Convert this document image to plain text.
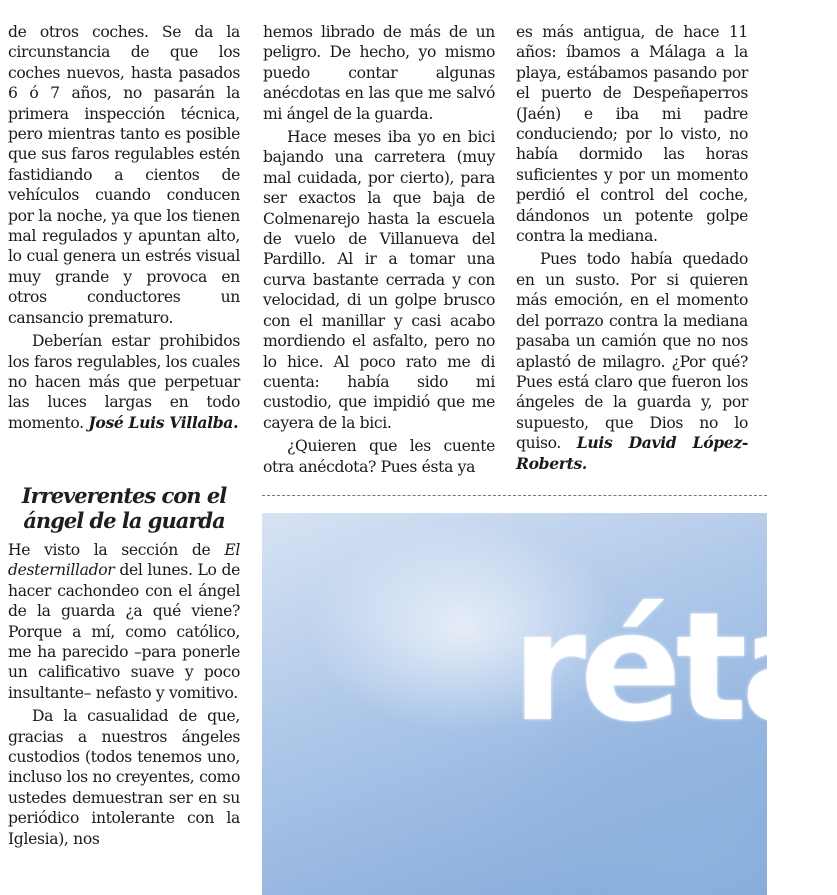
de otros coches. Se da la circunstancia de que los coches nuevos, hasta pasados 6 ó 7 años, no pasarán la primera inspección técnica, pero mientras tanto es posible que sus faros regulables estén fastidiando a cientos de vehículos cuando conducen por la noche, ya que los tienen mal regulados y apuntan alto, lo cual genera un estrés visual muy grande y provoca en otros conductores un cansancio prematuro.

Deberían estar prohibidos los faros regulables, los cuales no hacen más que perpetuar las luces largas en todo momento. José Luis Villalba.

Irreverentes con el ángel de la guarda

He visto la sección de El desternillador del lunes. Lo de hacer cachondeo con el ángel de la guarda ¿a qué viene? Porque a mí, como católico, me ha parecido –para ponerle un calificativo suave y poco insultante– nefasto y vomitivo.

Da la casualidad de que, gracias a nuestros ángeles custodios (todos tenemos uno, incluso los no creyentes, como ustedes demuestran ser en su periódico intolerante con la Iglesia), nos

hemos librado de más de un peligro. De hecho, yo mismo puedo contar algunas anécdotas en las que me salvó mi ángel de la guarda.

Hace meses iba yo en bici bajando una carretera (muy mal cuidada, por cierto), para ser exactos la que baja de Colmenarejo hasta la escuela de vuelo de Villanueva del Pardillo. Al ir a tomar una curva bastante cerrada y con velocidad, di un golpe brusco con el manillar y casi acabo mordiendo el asfalto, pero no lo hice. Al poco rato me di cuenta: había sido mi custodio, que impidió que me cayera de la bici.

¿Quieren que les cuente otra anécdota? Pues ésta ya

es más antigua, de hace 11 años: íbamos a Málaga a la playa, estábamos pasando por el puerto de Despeñaperros (Jaén) e iba mi padre conduciendo; por lo visto, no había dormido las horas suficientes y por un momento perdió el control del coche, dándonos un potente golpe contra la mediana.

Pues todo había quedado en un susto. Por si quieren más emoción, en el momento del porrazo contra la mediana pasaba un camión que no nos aplastó de milagro. ¿Por qué? Pues está claro que fueron los ángeles de la guarda y, por supuesto, que Dios no lo quiso. Luis David López-Roberts.

réta
